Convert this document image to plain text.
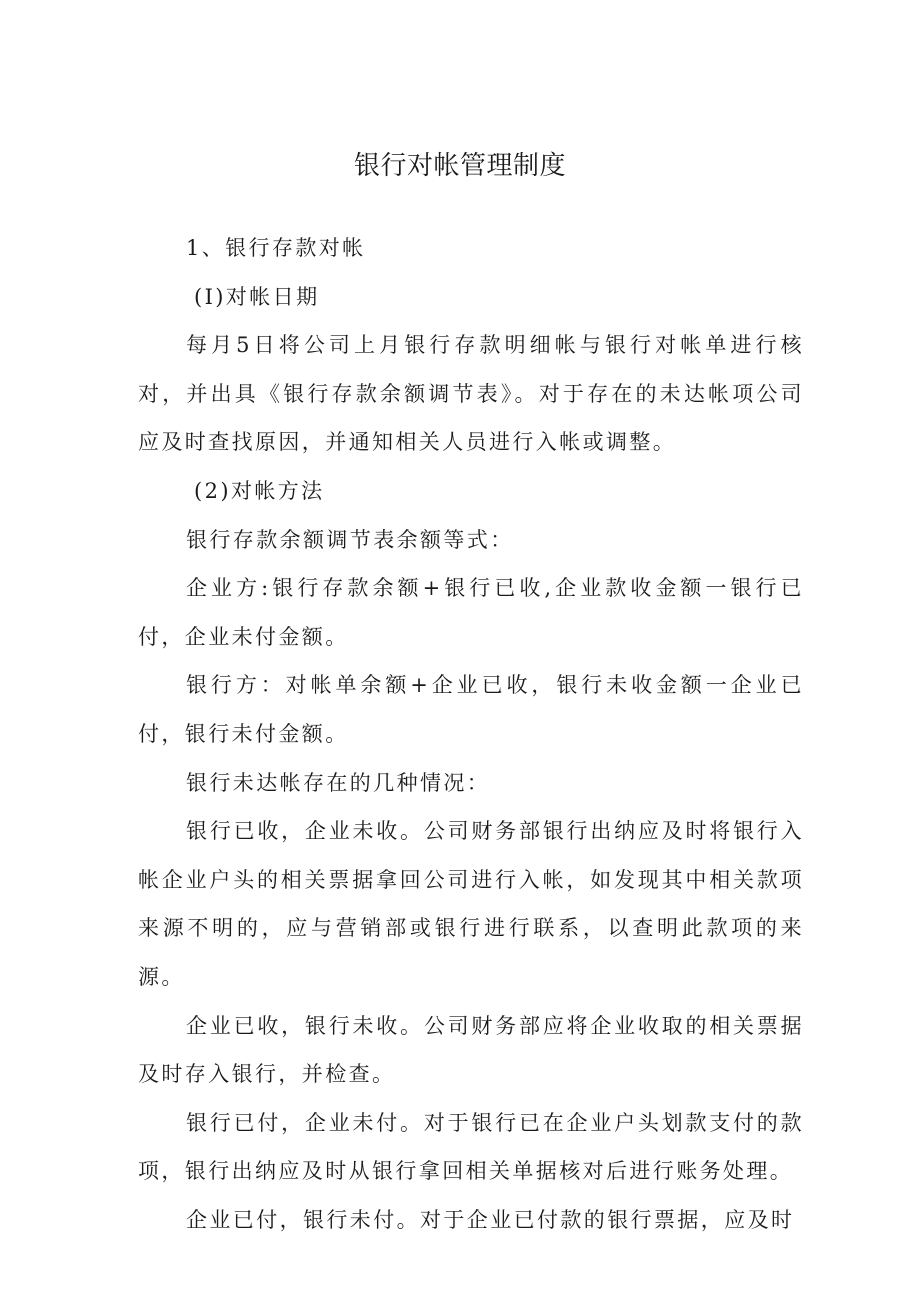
银行对帐管理制度

1、银行存款对帐

(I)对帐日期

每月5日将公司上月银行存款明细帐与银行对帐单进行核对，并出具《银行存款余额调节表》。对于存在的未达帐项公司应及时查找原因，并通知相关人员进行入帐或调整。

(2)对帐方法

银行存款余额调节表余额等式：

企业方:银行存款余额+银行已收,企业款收金额一银行已付，企业未付金额。

银行方：对帐单余额+企业已收，银行未收金额一企业已付，银行未付金额。

银行未达帐存在的几种情况：

银行已收，企业未收。公司财务部银行出纳应及时将银行入帐企业户头的相关票据拿回公司进行入帐，如发现其中相关款项来源不明的，应与营销部或银行进行联系，以查明此款项的来源。

企业已收，银行未收。公司财务部应将企业收取的相关票据及时存入银行，并检查。

银行已付，企业未付。对于银行已在企业户头划款支付的款项，银行出纳应及时从银行拿回相关单据核对后进行账务处理。

企业已付，银行未付。对于企业已付款的银行票据，应及时
